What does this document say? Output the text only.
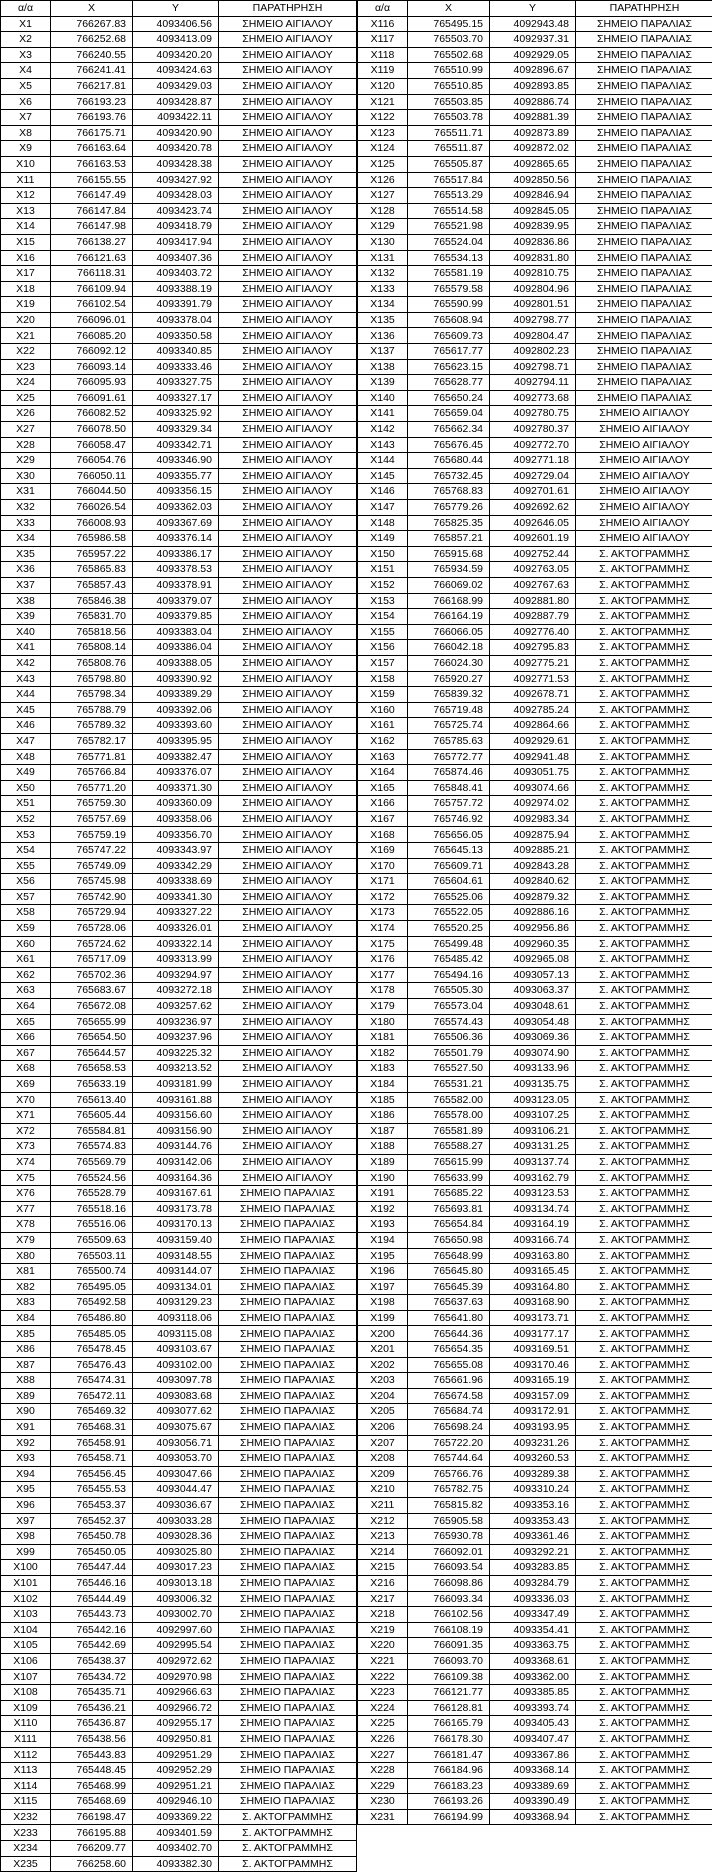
α/α	X	Y	ΠΑΡΑΤΗΡΗΣΗ
X1	766267.83	4093406.56	ΣΗΜΕΙΟ ΑΙΓΙΑΛΟΥ
X2	766252.68	4093413.09	ΣΗΜΕΙΟ ΑΙΓΙΑΛΟΥ
X3	766240.55	4093420.20	ΣΗΜΕΙΟ ΑΙΓΙΑΛΟΥ
X4	766241.41	4093424.63	ΣΗΜΕΙΟ ΑΙΓΙΑΛΟΥ
X5	766217.81	4093429.03	ΣΗΜΕΙΟ ΑΙΓΙΑΛΟΥ
X6	766193.23	4093428.87	ΣΗΜΕΙΟ ΑΙΓΙΑΛΟΥ
X7	766193.76	4093422.11	ΣΗΜΕΙΟ ΑΙΓΙΑΛΟΥ
X8	766175.71	4093420.90	ΣΗΜΕΙΟ ΑΙΓΙΑΛΟΥ
X9	766163.64	4093420.78	ΣΗΜΕΙΟ ΑΙΓΙΑΛΟΥ
X10	766163.53	4093428.38	ΣΗΜΕΙΟ ΑΙΓΙΑΛΟΥ
X11	766155.55	4093427.92	ΣΗΜΕΙΟ ΑΙΓΙΑΛΟΥ
X12	766147.49	4093428.03	ΣΗΜΕΙΟ ΑΙΓΙΑΛΟΥ
X13	766147.84	4093423.74	ΣΗΜΕΙΟ ΑΙΓΙΑΛΟΥ
X14	766147.98	4093418.79	ΣΗΜΕΙΟ ΑΙΓΙΑΛΟΥ
X15	766138.27	4093417.94	ΣΗΜΕΙΟ ΑΙΓΙΑΛΟΥ
X16	766121.63	4093407.36	ΣΗΜΕΙΟ ΑΙΓΙΑΛΟΥ
X17	766118.31	4093403.72	ΣΗΜΕΙΟ ΑΙΓΙΑΛΟΥ
X18	766109.94	4093388.19	ΣΗΜΕΙΟ ΑΙΓΙΑΛΟΥ
X19	766102.54	4093391.79	ΣΗΜΕΙΟ ΑΙΓΙΑΛΟΥ
X20	766096.01	4093378.04	ΣΗΜΕΙΟ ΑΙΓΙΑΛΟΥ
X21	766085.20	4093350.58	ΣΗΜΕΙΟ ΑΙΓΙΑΛΟΥ
X22	766092.12	4093340.85	ΣΗΜΕΙΟ ΑΙΓΙΑΛΟΥ
X23	766093.14	4093333.46	ΣΗΜΕΙΟ ΑΙΓΙΑΛΟΥ
X24	766095.93	4093327.75	ΣΗΜΕΙΟ ΑΙΓΙΑΛΟΥ
X25	766091.61	4093327.17	ΣΗΜΕΙΟ ΑΙΓΙΑΛΟΥ
X26	766082.52	4093325.92	ΣΗΜΕΙΟ ΑΙΓΙΑΛΟΥ
X27	766078.50	4093329.34	ΣΗΜΕΙΟ ΑΙΓΙΑΛΟΥ
X28	766058.47	4093342.71	ΣΗΜΕΙΟ ΑΙΓΙΑΛΟΥ
X29	766054.76	4093346.90	ΣΗΜΕΙΟ ΑΙΓΙΑΛΟΥ
X30	766050.11	4093355.77	ΣΗΜΕΙΟ ΑΙΓΙΑΛΟΥ
X31	766044.50	4093356.15	ΣΗΜΕΙΟ ΑΙΓΙΑΛΟΥ
X32	766026.54	4093362.03	ΣΗΜΕΙΟ ΑΙΓΙΑΛΟΥ
X33	766008.93	4093367.69	ΣΗΜΕΙΟ ΑΙΓΙΑΛΟΥ
X34	765986.58	4093376.14	ΣΗΜΕΙΟ ΑΙΓΙΑΛΟΥ
X35	765957.22	4093386.17	ΣΗΜΕΙΟ ΑΙΓΙΑΛΟΥ
X36	765865.83	4093378.53	ΣΗΜΕΙΟ ΑΙΓΙΑΛΟΥ
X37	765857.43	4093378.91	ΣΗΜΕΙΟ ΑΙΓΙΑΛΟΥ
X38	765846.38	4093379.07	ΣΗΜΕΙΟ ΑΙΓΙΑΛΟΥ
X39	765831.70	4093379.85	ΣΗΜΕΙΟ ΑΙΓΙΑΛΟΥ
X40	765818.56	4093383.04	ΣΗΜΕΙΟ ΑΙΓΙΑΛΟΥ
X41	765808.14	4093386.04	ΣΗΜΕΙΟ ΑΙΓΙΑΛΟΥ
X42	765808.76	4093388.05	ΣΗΜΕΙΟ ΑΙΓΙΑΛΟΥ
X43	765798.80	4093390.92	ΣΗΜΕΙΟ ΑΙΓΙΑΛΟΥ
X44	765798.34	4093389.29	ΣΗΜΕΙΟ ΑΙΓΙΑΛΟΥ
X45	765788.79	4093392.06	ΣΗΜΕΙΟ ΑΙΓΙΑΛΟΥ
X46	765789.32	4093393.60	ΣΗΜΕΙΟ ΑΙΓΙΑΛΟΥ
X47	765782.17	4093395.95	ΣΗΜΕΙΟ ΑΙΓΙΑΛΟΥ
X48	765771.81	4093382.47	ΣΗΜΕΙΟ ΑΙΓΙΑΛΟΥ
X49	765766.84	4093376.07	ΣΗΜΕΙΟ ΑΙΓΙΑΛΟΥ
X50	765771.20	4093371.30	ΣΗΜΕΙΟ ΑΙΓΙΑΛΟΥ
X51	765759.30	4093360.09	ΣΗΜΕΙΟ ΑΙΓΙΑΛΟΥ
X52	765757.69	4093358.06	ΣΗΜΕΙΟ ΑΙΓΙΑΛΟΥ
X53	765759.19	4093356.70	ΣΗΜΕΙΟ ΑΙΓΙΑΛΟΥ
X54	765747.22	4093343.97	ΣΗΜΕΙΟ ΑΙΓΙΑΛΟΥ
X55	765749.09	4093342.29	ΣΗΜΕΙΟ ΑΙΓΙΑΛΟΥ
X56	765745.98	4093338.69	ΣΗΜΕΙΟ ΑΙΓΙΑΛΟΥ
X57	765742.90	4093341.30	ΣΗΜΕΙΟ ΑΙΓΙΑΛΟΥ
X58	765729.94	4093327.22	ΣΗΜΕΙΟ ΑΙΓΙΑΛΟΥ
X59	765728.06	4093326.01	ΣΗΜΕΙΟ ΑΙΓΙΑΛΟΥ
X60	765724.62	4093322.14	ΣΗΜΕΙΟ ΑΙΓΙΑΛΟΥ
X61	765717.09	4093313.99	ΣΗΜΕΙΟ ΑΙΓΙΑΛΟΥ
X62	765702.36	4093294.97	ΣΗΜΕΙΟ ΑΙΓΙΑΛΟΥ
X63	765683.67	4093272.18	ΣΗΜΕΙΟ ΑΙΓΙΑΛΟΥ
X64	765672.08	4093257.62	ΣΗΜΕΙΟ ΑΙΓΙΑΛΟΥ
X65	765655.99	4093236.97	ΣΗΜΕΙΟ ΑΙΓΙΑΛΟΥ
X66	765654.50	4093237.96	ΣΗΜΕΙΟ ΑΙΓΙΑΛΟΥ
X67	765644.57	4093225.32	ΣΗΜΕΙΟ ΑΙΓΙΑΛΟΥ
X68	765658.53	4093213.52	ΣΗΜΕΙΟ ΑΙΓΙΑΛΟΥ
X69	765633.19	4093181.99	ΣΗΜΕΙΟ ΑΙΓΙΑΛΟΥ
X70	765613.40	4093161.88	ΣΗΜΕΙΟ ΑΙΓΙΑΛΟΥ
X71	765605.44	4093156.60	ΣΗΜΕΙΟ ΑΙΓΙΑΛΟΥ
X72	765584.81	4093156.90	ΣΗΜΕΙΟ ΑΙΓΙΑΛΟΥ
X73	765574.83	4093144.76	ΣΗΜΕΙΟ ΑΙΓΙΑΛΟΥ
X74	765569.79	4093142.06	ΣΗΜΕΙΟ ΑΙΓΙΑΛΟΥ
X75	765524.56	4093164.36	ΣΗΜΕΙΟ ΑΙΓΙΑΛΟΥ
X76	765528.79	4093167.61	ΣΗΜΕΙΟ ΠΑΡΑΛΙΑΣ
X77	765518.16	4093173.78	ΣΗΜΕΙΟ ΠΑΡΑΛΙΑΣ
X78	765516.06	4093170.13	ΣΗΜΕΙΟ ΠΑΡΑΛΙΑΣ
X79	765509.63	4093159.40	ΣΗΜΕΙΟ ΠΑΡΑΛΙΑΣ
X80	765503.11	4093148.55	ΣΗΜΕΙΟ ΠΑΡΑΛΙΑΣ
X81	765500.74	4093144.07	ΣΗΜΕΙΟ ΠΑΡΑΛΙΑΣ
X82	765495.05	4093134.01	ΣΗΜΕΙΟ ΠΑΡΑΛΙΑΣ
X83	765492.58	4093129.23	ΣΗΜΕΙΟ ΠΑΡΑΛΙΑΣ
X84	765486.80	4093118.06	ΣΗΜΕΙΟ ΠΑΡΑΛΙΑΣ
X85	765485.05	4093115.08	ΣΗΜΕΙΟ ΠΑΡΑΛΙΑΣ
X86	765478.45	4093103.67	ΣΗΜΕΙΟ ΠΑΡΑΛΙΑΣ
X87	765476.43	4093102.00	ΣΗΜΕΙΟ ΠΑΡΑΛΙΑΣ
X88	765474.31	4093097.78	ΣΗΜΕΙΟ ΠΑΡΑΛΙΑΣ
X89	765472.11	4093083.68	ΣΗΜΕΙΟ ΠΑΡΑΛΙΑΣ
X90	765469.32	4093077.62	ΣΗΜΕΙΟ ΠΑΡΑΛΙΑΣ
X91	765468.31	4093075.67	ΣΗΜΕΙΟ ΠΑΡΑΛΙΑΣ
X92	765458.91	4093056.71	ΣΗΜΕΙΟ ΠΑΡΑΛΙΑΣ
X93	765458.71	4093053.70	ΣΗΜΕΙΟ ΠΑΡΑΛΙΑΣ
X94	765456.45	4093047.66	ΣΗΜΕΙΟ ΠΑΡΑΛΙΑΣ
X95	765455.53	4093044.47	ΣΗΜΕΙΟ ΠΑΡΑΛΙΑΣ
X96	765453.37	4093036.67	ΣΗΜΕΙΟ ΠΑΡΑΛΙΑΣ
X97	765452.37	4093033.28	ΣΗΜΕΙΟ ΠΑΡΑΛΙΑΣ
X98	765450.78	4093028.36	ΣΗΜΕΙΟ ΠΑΡΑΛΙΑΣ
X99	765450.05	4093025.80	ΣΗΜΕΙΟ ΠΑΡΑΛΙΑΣ
X100	765447.44	4093017.23	ΣΗΜΕΙΟ ΠΑΡΑΛΙΑΣ
X101	765446.16	4093013.18	ΣΗΜΕΙΟ ΠΑΡΑΛΙΑΣ
X102	765444.49	4093006.32	ΣΗΜΕΙΟ ΠΑΡΑΛΙΑΣ
X103	765443.73	4093002.70	ΣΗΜΕΙΟ ΠΑΡΑΛΙΑΣ
X104	765442.16	4092997.60	ΣΗΜΕΙΟ ΠΑΡΑΛΙΑΣ
X105	765442.69	4092995.54	ΣΗΜΕΙΟ ΠΑΡΑΛΙΑΣ
X106	765438.37	4092972.62	ΣΗΜΕΙΟ ΠΑΡΑΛΙΑΣ
X107	765434.72	4092970.98	ΣΗΜΕΙΟ ΠΑΡΑΛΙΑΣ
X108	765435.71	4092966.63	ΣΗΜΕΙΟ ΠΑΡΑΛΙΑΣ
X109	765436.21	4092966.72	ΣΗΜΕΙΟ ΠΑΡΑΛΙΑΣ
X110	765436.87	4092955.17	ΣΗΜΕΙΟ ΠΑΡΑΛΙΑΣ
X111	765438.56	4092950.81	ΣΗΜΕΙΟ ΠΑΡΑΛΙΑΣ
X112	765443.83	4092951.29	ΣΗΜΕΙΟ ΠΑΡΑΛΙΑΣ
X113	765448.45	4092952.29	ΣΗΜΕΙΟ ΠΑΡΑΛΙΑΣ
X114	765468.99	4092951.21	ΣΗΜΕΙΟ ΠΑΡΑΛΙΑΣ
X115	765468.69	4092946.10	ΣΗΜΕΙΟ ΠΑΡΑΛΙΑΣ
X232	766198.47	4093369.22	Σ. ΑΚΤΟΓΡΑΜΜΗΣ
X233	766195.88	4093401.59	Σ. ΑΚΤΟΓΡΑΜΜΗΣ
X234	766209.77	4093402.70	Σ. ΑΚΤΟΓΡΑΜΜΗΣ
X235	766258.60	4093382.30	Σ. ΑΚΤΟΓΡΑΜΜΗΣ
α/α	X	Y	ΠΑΡΑΤΗΡΗΣΗ
X116	765495.15	4092943.48	ΣΗΜΕΙΟ ΠΑΡΑΛΙΑΣ
X117	765503.70	4092937.31	ΣΗΜΕΙΟ ΠΑΡΑΛΙΑΣ
X118	765502.68	4092929.05	ΣΗΜΕΙΟ ΠΑΡΑΛΙΑΣ
X119	765510.99	4092896.67	ΣΗΜΕΙΟ ΠΑΡΑΛΙΑΣ
X120	765510.85	4092893.85	ΣΗΜΕΙΟ ΠΑΡΑΛΙΑΣ
X121	765503.85	4092886.74	ΣΗΜΕΙΟ ΠΑΡΑΛΙΑΣ
X122	765503.78	4092881.39	ΣΗΜΕΙΟ ΠΑΡΑΛΙΑΣ
X123	765511.71	4092873.89	ΣΗΜΕΙΟ ΠΑΡΑΛΙΑΣ
X124	765511.87	4092872.02	ΣΗΜΕΙΟ ΠΑΡΑΛΙΑΣ
X125	765505.87	4092865.65	ΣΗΜΕΙΟ ΠΑΡΑΛΙΑΣ
X126	765517.84	4092850.56	ΣΗΜΕΙΟ ΠΑΡΑΛΙΑΣ
X127	765513.29	4092846.94	ΣΗΜΕΙΟ ΠΑΡΑΛΙΑΣ
X128	765514.58	4092845.05	ΣΗΜΕΙΟ ΠΑΡΑΛΙΑΣ
X129	765521.98	4092839.95	ΣΗΜΕΙΟ ΠΑΡΑΛΙΑΣ
X130	765524.04	4092836.86	ΣΗΜΕΙΟ ΠΑΡΑΛΙΑΣ
X131	765534.13	4092831.80	ΣΗΜΕΙΟ ΠΑΡΑΛΙΑΣ
X132	765581.19	4092810.75	ΣΗΜΕΙΟ ΠΑΡΑΛΙΑΣ
X133	765579.58	4092804.96	ΣΗΜΕΙΟ ΠΑΡΑΛΙΑΣ
X134	765590.99	4092801.51	ΣΗΜΕΙΟ ΠΑΡΑΛΙΑΣ
X135	765608.94	4092798.77	ΣΗΜΕΙΟ ΠΑΡΑΛΙΑΣ
X136	765609.73	4092804.47	ΣΗΜΕΙΟ ΠΑΡΑΛΙΑΣ
X137	765617.77	4092802.23	ΣΗΜΕΙΟ ΠΑΡΑΛΙΑΣ
X138	765623.15	4092798.71	ΣΗΜΕΙΟ ΠΑΡΑΛΙΑΣ
X139	765628.77	4092794.11	ΣΗΜΕΙΟ ΠΑΡΑΛΙΑΣ
X140	765650.24	4092773.68	ΣΗΜΕΙΟ ΠΑΡΑΛΙΑΣ
X141	765659.04	4092780.75	ΣΗΜΕΙΟ ΑΙΓΙΑΛΟΥ
X142	765662.34	4092780.37	ΣΗΜΕΙΟ ΑΙΓΙΑΛΟΥ
X143	765676.45	4092772.70	ΣΗΜΕΙΟ ΑΙΓΙΑΛΟΥ
X144	765680.44	4092771.18	ΣΗΜΕΙΟ ΑΙΓΙΑΛΟΥ
X145	765732.45	4092729.04	ΣΗΜΕΙΟ ΑΙΓΙΑΛΟΥ
X146	765768.83	4092701.61	ΣΗΜΕΙΟ ΑΙΓΙΑΛΟΥ
X147	765779.26	4092692.62	ΣΗΜΕΙΟ ΑΙΓΙΑΛΟΥ
X148	765825.35	4092646.05	ΣΗΜΕΙΟ ΑΙΓΙΑΛΟΥ
X149	765857.21	4092601.19	ΣΗΜΕΙΟ ΑΙΓΙΑΛΟΥ
X150	765915.68	4092752.44	Σ. ΑΚΤΟΓΡΑΜΜΗΣ
X151	765934.59	4092763.05	Σ. ΑΚΤΟΓΡΑΜΜΗΣ
X152	766069.02	4092767.63	Σ. ΑΚΤΟΓΡΑΜΜΗΣ
X153	766168.99	4092881.80	Σ. ΑΚΤΟΓΡΑΜΜΗΣ
X154	766164.19	4092887.79	Σ. ΑΚΤΟΓΡΑΜΜΗΣ
X155	766066.05	4092776.40	Σ. ΑΚΤΟΓΡΑΜΜΗΣ
X156	766042.18	4092795.83	Σ. ΑΚΤΟΓΡΑΜΜΗΣ
X157	766024.30	4092775.21	Σ. ΑΚΤΟΓΡΑΜΜΗΣ
X158	765920.27	4092771.53	Σ. ΑΚΤΟΓΡΑΜΜΗΣ
X159	765839.32	4092678.71	Σ. ΑΚΤΟΓΡΑΜΜΗΣ
X160	765719.48	4092785.24	Σ. ΑΚΤΟΓΡΑΜΜΗΣ
X161	765725.74	4092864.66	Σ. ΑΚΤΟΓΡΑΜΜΗΣ
X162	765785.63	4092929.61	Σ. ΑΚΤΟΓΡΑΜΜΗΣ
X163	765772.77	4092941.48	Σ. ΑΚΤΟΓΡΑΜΜΗΣ
X164	765874.46	4093051.75	Σ. ΑΚΤΟΓΡΑΜΜΗΣ
X165	765848.41	4093074.66	Σ. ΑΚΤΟΓΡΑΜΜΗΣ
X166	765757.72	4092974.02	Σ. ΑΚΤΟΓΡΑΜΜΗΣ
X167	765746.92	4092983.34	Σ. ΑΚΤΟΓΡΑΜΜΗΣ
X168	765656.05	4092875.94	Σ. ΑΚΤΟΓΡΑΜΜΗΣ
X169	765645.13	4092885.21	Σ. ΑΚΤΟΓΡΑΜΜΗΣ
X170	765609.71	4092843.28	Σ. ΑΚΤΟΓΡΑΜΜΗΣ
X171	765604.61	4092840.62	Σ. ΑΚΤΟΓΡΑΜΜΗΣ
X172	765525.06	4092879.32	Σ. ΑΚΤΟΓΡΑΜΜΗΣ
X173	765522.05	4092886.16	Σ. ΑΚΤΟΓΡΑΜΜΗΣ
X174	765520.25	4092956.86	Σ. ΑΚΤΟΓΡΑΜΜΗΣ
X175	765499.48	4092960.35	Σ. ΑΚΤΟΓΡΑΜΜΗΣ
X176	765485.42	4092965.08	Σ. ΑΚΤΟΓΡΑΜΜΗΣ
X177	765494.16	4093057.13	Σ. ΑΚΤΟΓΡΑΜΜΗΣ
X178	765505.30	4093063.37	Σ. ΑΚΤΟΓΡΑΜΜΗΣ
X179	765573.04	4093048.61	Σ. ΑΚΤΟΓΡΑΜΜΗΣ
X180	765574.43	4093054.48	Σ. ΑΚΤΟΓΡΑΜΜΗΣ
X181	765506.36	4093069.36	Σ. ΑΚΤΟΓΡΑΜΜΗΣ
X182	765501.79	4093074.90	Σ. ΑΚΤΟΓΡΑΜΜΗΣ
X183	765527.50	4093133.96	Σ. ΑΚΤΟΓΡΑΜΜΗΣ
X184	765531.21	4093135.75	Σ. ΑΚΤΟΓΡΑΜΜΗΣ
X185	765582.00	4093123.05	Σ. ΑΚΤΟΓΡΑΜΜΗΣ
X186	765578.00	4093107.25	Σ. ΑΚΤΟΓΡΑΜΜΗΣ
X187	765581.89	4093106.21	Σ. ΑΚΤΟΓΡΑΜΜΗΣ
X188	765588.27	4093131.25	Σ. ΑΚΤΟΓΡΑΜΜΗΣ
X189	765615.99	4093137.74	Σ. ΑΚΤΟΓΡΑΜΜΗΣ
X190	765633.99	4093162.79	Σ. ΑΚΤΟΓΡΑΜΜΗΣ
X191	765685.22	4093123.53	Σ. ΑΚΤΟΓΡΑΜΜΗΣ
X192	765693.81	4093134.74	Σ. ΑΚΤΟΓΡΑΜΜΗΣ
X193	765654.84	4093164.19	Σ. ΑΚΤΟΓΡΑΜΜΗΣ
X194	765650.98	4093166.74	Σ. ΑΚΤΟΓΡΑΜΜΗΣ
X195	765648.99	4093163.80	Σ. ΑΚΤΟΓΡΑΜΜΗΣ
X196	765645.80	4093165.45	Σ. ΑΚΤΟΓΡΑΜΜΗΣ
X197	765645.39	4093164.80	Σ. ΑΚΤΟΓΡΑΜΜΗΣ
X198	765637.63	4093168.90	Σ. ΑΚΤΟΓΡΑΜΜΗΣ
X199	765641.80	4093173.71	Σ. ΑΚΤΟΓΡΑΜΜΗΣ
X200	765644.36	4093177.17	Σ. ΑΚΤΟΓΡΑΜΜΗΣ
X201	765654.35	4093169.51	Σ. ΑΚΤΟΓΡΑΜΜΗΣ
X202	765655.08	4093170.46	Σ. ΑΚΤΟΓΡΑΜΜΗΣ
X203	765661.96	4093165.19	Σ. ΑΚΤΟΓΡΑΜΜΗΣ
X204	765674.58	4093157.09	Σ. ΑΚΤΟΓΡΑΜΜΗΣ
X205	765684.74	4093172.91	Σ. ΑΚΤΟΓΡΑΜΜΗΣ
X206	765698.24	4093193.95	Σ. ΑΚΤΟΓΡΑΜΜΗΣ
X207	765722.20	4093231.26	Σ. ΑΚΤΟΓΡΑΜΜΗΣ
X208	765744.64	4093260.53	Σ. ΑΚΤΟΓΡΑΜΜΗΣ
X209	765766.76	4093289.38	Σ. ΑΚΤΟΓΡΑΜΜΗΣ
X210	765782.75	4093310.24	Σ. ΑΚΤΟΓΡΑΜΜΗΣ
X211	765815.82	4093353.16	Σ. ΑΚΤΟΓΡΑΜΜΗΣ
X212	765905.58	4093353.43	Σ. ΑΚΤΟΓΡΑΜΜΗΣ
X213	765930.78	4093361.46	Σ. ΑΚΤΟΓΡΑΜΜΗΣ
X214	766092.01	4093292.21	Σ. ΑΚΤΟΓΡΑΜΜΗΣ
X215	766093.54	4093283.85	Σ. ΑΚΤΟΓΡΑΜΜΗΣ
X216	766098.86	4093284.79	Σ. ΑΚΤΟΓΡΑΜΜΗΣ
X217	766093.34	4093336.03	Σ. ΑΚΤΟΓΡΑΜΜΗΣ
X218	766102.56	4093347.49	Σ. ΑΚΤΟΓΡΑΜΜΗΣ
X219	766108.19	4093354.41	Σ. ΑΚΤΟΓΡΑΜΜΗΣ
X220	766091.35	4093363.75	Σ. ΑΚΤΟΓΡΑΜΜΗΣ
X221	766093.70	4093368.61	Σ. ΑΚΤΟΓΡΑΜΜΗΣ
X222	766109.38	4093362.00	Σ. ΑΚΤΟΓΡΑΜΜΗΣ
X223	766121.77	4093385.85	Σ. ΑΚΤΟΓΡΑΜΜΗΣ
X224	766128.81	4093393.74	Σ. ΑΚΤΟΓΡΑΜΜΗΣ
X225	766165.79	4093405.43	Σ. ΑΚΤΟΓΡΑΜΜΗΣ
X226	766178.30	4093407.47	Σ. ΑΚΤΟΓΡΑΜΜΗΣ
X227	766181.47	4093367.86	Σ. ΑΚΤΟΓΡΑΜΜΗΣ
X228	766184.96	4093368.14	Σ. ΑΚΤΟΓΡΑΜΜΗΣ
X229	766183.23	4093389.69	Σ. ΑΚΤΟΓΡΑΜΜΗΣ
X230	766193.26	4093390.49	Σ. ΑΚΤΟΓΡΑΜΜΗΣ
X231	766194.99	4093368.94	Σ. ΑΚΤΟΓΡΑΜΜΗΣ
